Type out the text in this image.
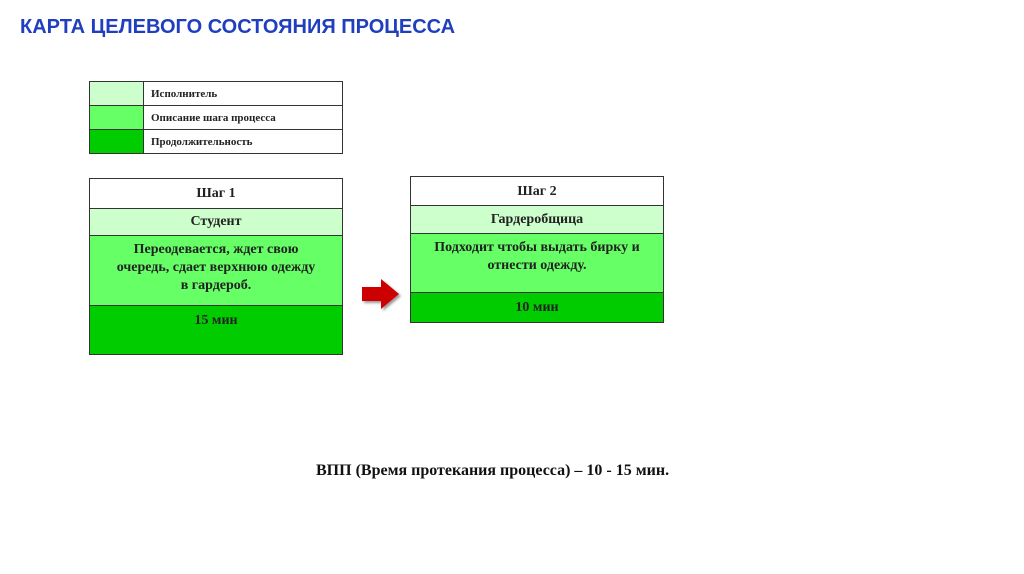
КАРТА ЦЕЛЕВОГО СОСТОЯНИЯ ПРОЦЕССА
	Исполнитель
	Описание шага процесса
	Продолжительность
Шаг 1
Студент
Переодевается, ждет свою очередь, сдает верхнюю одежду в гардероб.
15 мин
Шаг 2
Гардеробщица
Подходит чтобы выдать бирку и отнести одежду.
10 мин
ВПП (Время протекания процесса) – 10 - 15 мин.
